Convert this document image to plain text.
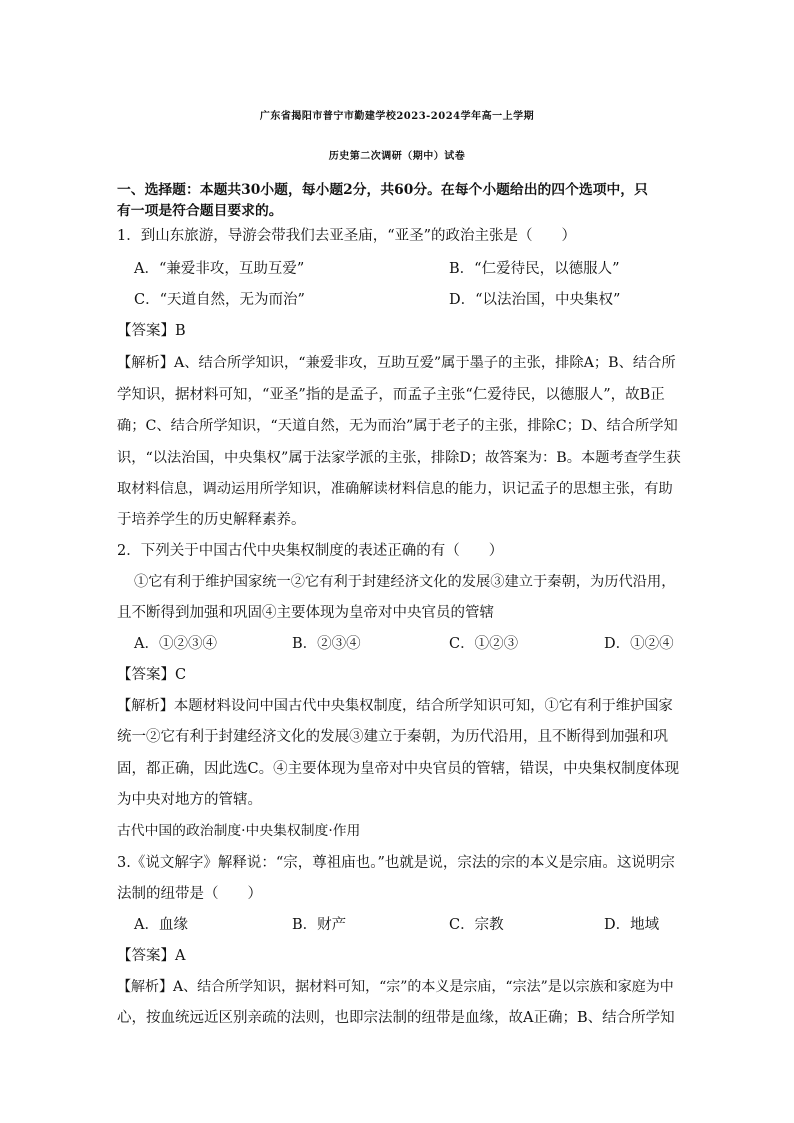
广东省揭阳市普宁市勤建学校2023-2024学年高一上学期
历史第二次调研（期中）试卷
一、选择题：本题共30小题，每小题2分，共60分。在每个小题给出的四个选项中，只
有一项是符合题目要求的。
1．到山东旅游，导游会带我们去亚圣庙，“亚圣”的政治主张是（　　）
A．“兼爱非攻，互助互爱”	B．“仁爱待民，以德服人”
C．“天道自然，无为而治”	D．“以法治国，中央集权”
【答案】B
【解析】A、结合所学知识，“兼爱非攻，互助互爱”属于墨子的主张，排除A；B、结合所
学知识，据材料可知，“亚圣”指的是孟子，而孟子主张“仁爱待民，以德服人”，故B正
确；C、结合所学知识，“天道自然，无为而治”属于老子的主张，排除C；D、结合所学知
识，“以法治国，中央集权”属于法家学派的主张，排除D；故答案为：B。本题考查学生获
取材料信息，调动运用所学知识，准确解读材料信息的能力，识记孟子的思想主张，有助
于培养学生的历史解释素养。
2．下列关于中国古代中央集权制度的表述正确的有（　　）
①它有利于维护国家统一②它有利于封建经济文化的发展③建立于秦朝，为历代沿用，
且不断得到加强和巩固④主要体现为皇帝对中央官员的管辖
A．①②③④	B．②③④	C．①②③	D．①②④
【答案】C
【解析】本题材料设问中国古代中央集权制度，结合所学知识可知，①它有利于维护国家
统一②它有利于封建经济文化的发展③建立于秦朝，为历代沿用，且不断得到加强和巩
固，都正确，因此选C。④主要体现为皇帝对中央官员的管辖，错误，中央集权制度体现
为中央对地方的管辖。
古代中国的政治制度·中央集权制度·作用
3.《说文解字》解释说：“宗，尊祖庙也。”也就是说，宗法的宗的本义是宗庙。这说明宗
法制的纽带是（　　）
A．血缘	B．财产	C．宗教	D．地域
【答案】A
【解析】A、结合所学知识，据材料可知，“宗”的本义是宗庙，“宗法”是以宗族和家庭为中
心，按血统远近区别亲疏的法则，也即宗法制的纽带是血缘，故A正确；B、结合所学知
